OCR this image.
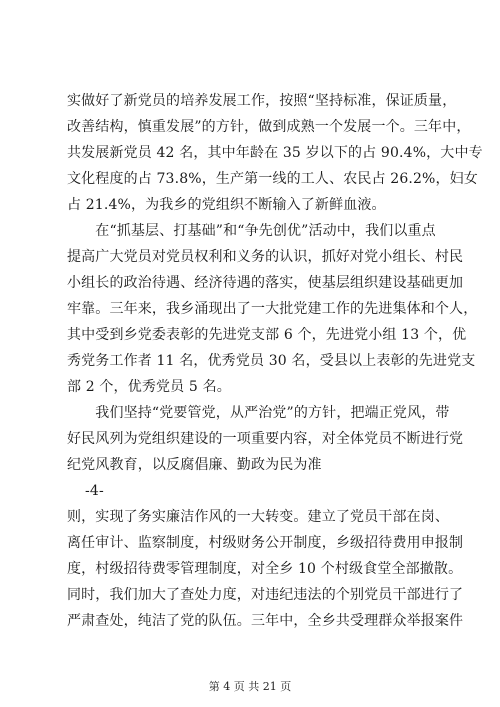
实做好了新党员的培养发展工作，按照“坚持标准，保证质量，
改善结构，慎重发展”的方针，做到成熟一个发展一个。三年中，
共发展新党员 42 名，其中年龄在 35 岁以下的占 90.4%，大中专
文化程度的占 73.8%，生产第一线的工人、农民占 26.2%，妇女
占 21.4%，为我乡的党组织不断输入了新鲜血液。
　　在“抓基层、打基础”和“争先创优”活动中，我们以重点
提高广大党员对党员权利和义务的认识，抓好对党小组长、村民
小组长的政治待遇、经济待遇的落实，使基层组织建设基础更加
牢靠。三年来，我乡涌现出了一大批党建工作的先进集体和个人，
其中受到乡党委表彰的先进党支部 6 个，先进党小组 13 个，优
秀党务工作者 11 名，优秀党员 30 名，受县以上表彰的先进党支
部 2 个，优秀党员 5 名。
　　我们坚持“党要管党，从严治党”的方针，把端正党风，带
好民风列为党组织建设的一项重要内容，对全体党员不断进行党
纪党风教育，以反腐倡廉、勤政为民为准
-4-
则，实现了务实廉洁作风的一大转变。建立了党员干部在岗、
离任审计、监察制度，村级财务公开制度，乡级招待费用申报制
度，村级招待费零管理制度，对全乡 10 个村级食堂全部撤散。
同时，我们加大了查处力度，对违纪违法的个别党员干部进行了
严肃查处，纯洁了党的队伍。三年中，全乡共受理群众举报案件
第 4 页 共 21 页
